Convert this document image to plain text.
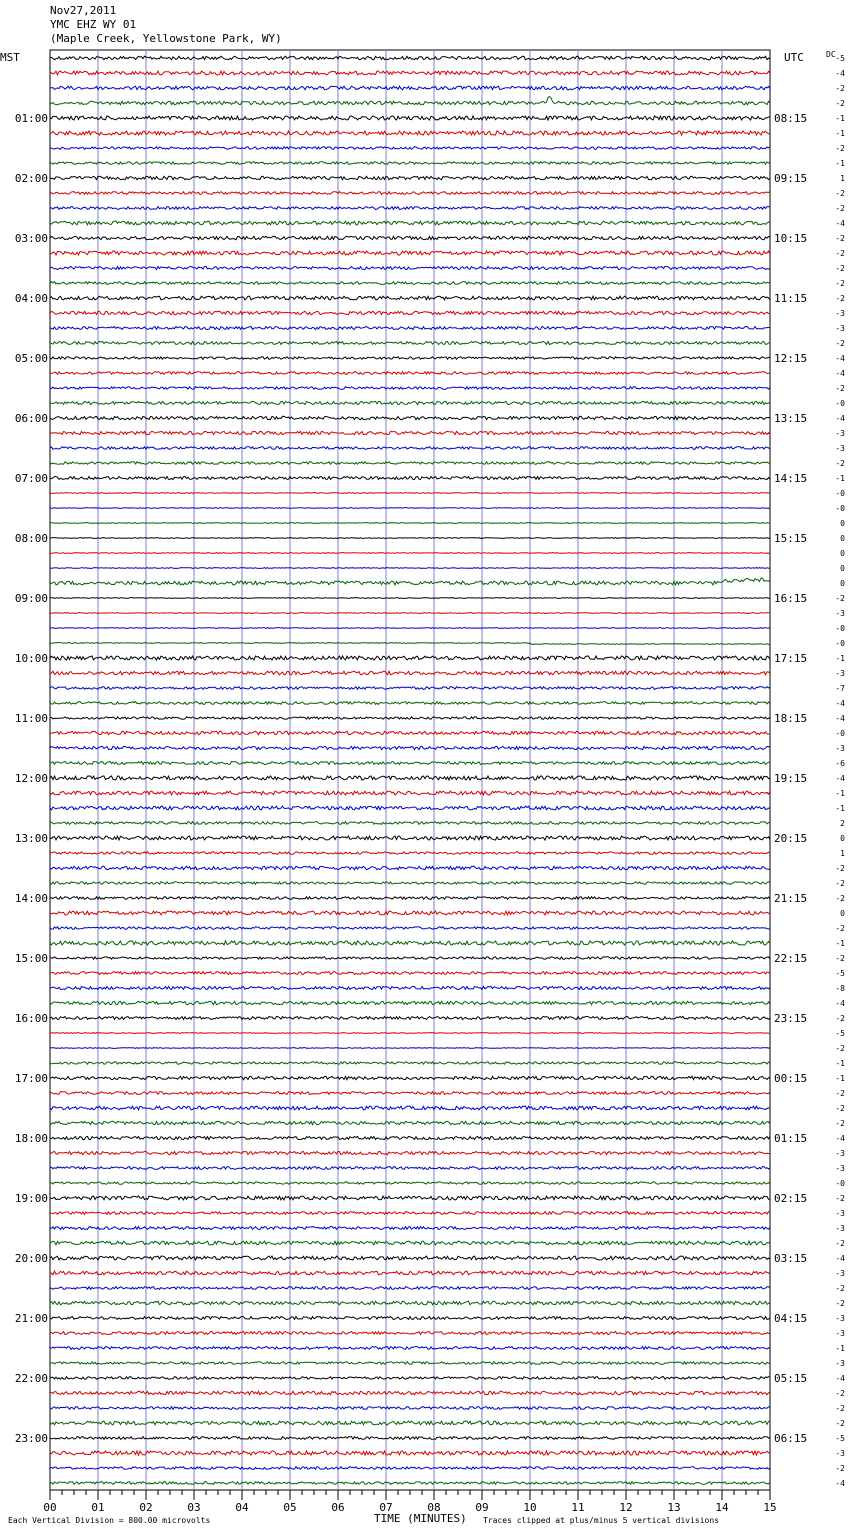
Nov27,2011
YMC EHZ WY 01
(Maple Creek, Yellowstone Park, WY)
MST	UTC	DC
01:00
02:00
03:00
04:00
05:00
06:00
07:00
08:00
09:00
10:00
11:00
12:00
13:00
14:00
15:00
16:00
17:00
18:00
19:00
20:00
21:00
22:00
23:00
08:15
09:15
10:15
11:15
12:15
13:15
14:15
15:15
16:15
17:15
18:15
19:15
20:15
21:15
22:15
23:15
00:15
01:15
02:15
03:15
04:15
05:15
06:15
-5
-4
-2
-2
-1
-1
-2
-1
1
-2
-2
-4
-2
-2
-2
-2
-2
-3
-3
-2
-4
-4
-2
-0
-4
-3
-3
-2
-1
-0
-0
0
0
0
0
0
-2
-3
-0
-0
-1
-3
-7
-4
-4
-0
-3
-6
-4
-1
-1
2
0
1
-2
-2
-2
0
-2
-1
-2
-5
-8
-4
-2
-5
-2
-1
-1
-2
-2
-2
-4
-3
-3
-0
-2
-3
-3
-2
-4
-3
-2
-2
-3
-3
-1
-3
-4
-2
-2
-2
-5
-3
-2
-4
00	01	02	03	04	05	06	07	08	09	10	11	12	13	14	15
Each Vertical Division = 800.00 microvolts	TIME (MINUTES) Traces clipped at plus/minus 5 vertical divisions
